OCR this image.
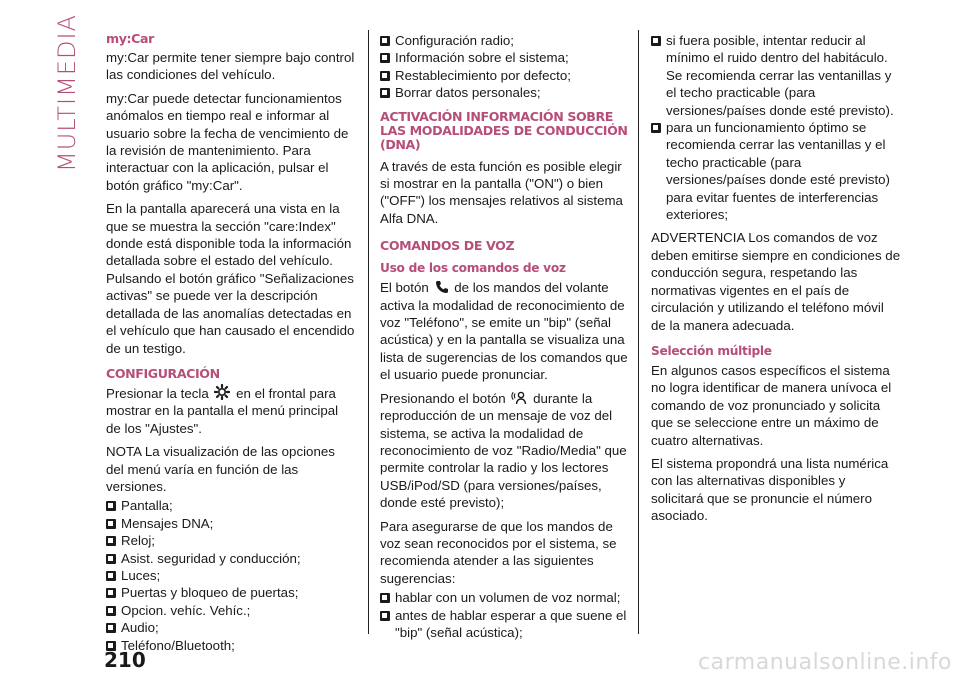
MULTIMEDIA my:Car

my:Car permite tener siempre bajo control las condiciones del vehículo.

my:Car puede detectar funcionamientos anómalos en tiempo real e informar al usuario sobre la fecha de vencimiento de la revisión de mantenimiento. Para interactuar con la aplicación, pulsar el botón gráfico "my:Car".

En la pantalla aparecerá una vista en la que se muestra la sección "care:Index" donde está disponible toda la información detallada sobre el estado del vehículo. Pulsando el botón gráfico "Señalizaciones activas" se puede ver la descripción detallada de las anomalías detectadas en el vehículo que han causado el encendido de un testigo.

CONFIGURACIÓN

Presionar la tecla en el frontal para mostrar en la pantalla el menú principal de los "Ajustes".

NOTA La visualización de las opciones del menú varía en función de las versiones.

Pantalla;
Mensajes DNA;
Reloj;
Asist. seguridad y conducción;
Luces;
Puertas y bloqueo de puertas;
Opcion. vehíc. Vehíc.;
Audio;
Teléfono/Bluetooth;
Configuración radio;
Información sobre el sistema;
Restablecimiento por defecto;
Borrar datos personales;
ACTIVACIÓN INFORMACIÓN SOBRE LAS MODALIDADES DE CONDUCCIÓN (DNA)

A través de esta función es posible elegir si mostrar en la pantalla ("ON") o bien ("OFF") los mensajes relativos al sistema Alfa DNA.

COMANDOS DE VOZ
Uso de los comandos de voz

El botón de los mandos del volante activa la modalidad de reconocimiento de voz "Teléfono", se emite un "bip" (señal acústica) y en la pantalla se visualiza una lista de sugerencias de los comandos que el usuario puede pronunciar.

Presionando el botón durante la reproducción de un mensaje de voz del sistema, se activa la modalidad de reconocimiento de voz "Radio/Media" que permite controlar la radio y los lectores USB/iPod/SD (para versiones/países, donde esté previsto);

Para asegurarse de que los mandos de voz sean reconocidos por el sistema, se recomienda atender a las siguientes sugerencias:

hablar con un volumen de voz normal;
antes de hablar esperar a que suene el "bip" (señal acústica);
si fuera posible, intentar reducir al mínimo el ruido dentro del habitáculo. Se recomienda cerrar las ventanillas y el techo practicable (para versiones/países donde esté previsto).
para un funcionamiento óptimo se recomienda cerrar las ventanillas y el techo practicable (para versiones/países donde esté previsto) para evitar fuentes de interferencias exteriores;

ADVERTENCIA Los comandos de voz deben emitirse siempre en condiciones de conducción segura, respetando las normativas vigentes en el país de circulación y utilizando el teléfono móvil de la manera adecuada.

Selección múltiple

En algunos casos específicos el sistema no logra identificar de manera unívoca el comando de voz pronunciado y solicita que se seleccione entre un máximo de cuatro alternativas.

El sistema propondrá una lista numérica con las alternativas disponibles y solicitará que se pronuncie el número asociado.

210	carmanualsonline.info
